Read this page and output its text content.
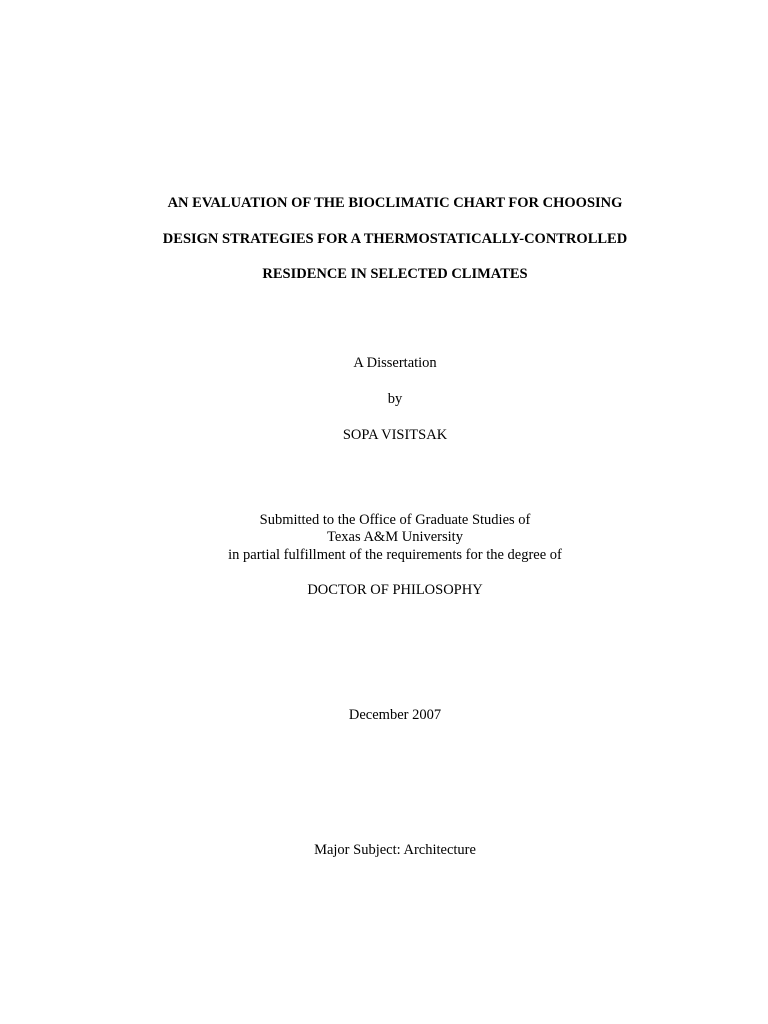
AN EVALUATION OF THE BIOCLIMATIC CHART FOR CHOOSING
DESIGN STRATEGIES FOR A THERMOSTATICALLY-CONTROLLED
RESIDENCE IN SELECTED CLIMATES
A Dissertation
by
SOPA VISITSAK
Submitted to the Office of Graduate Studies of
Texas A&M University
in partial fulfillment of the requirements for the degree of
DOCTOR OF PHILOSOPHY
December 2007
Major Subject: Architecture
